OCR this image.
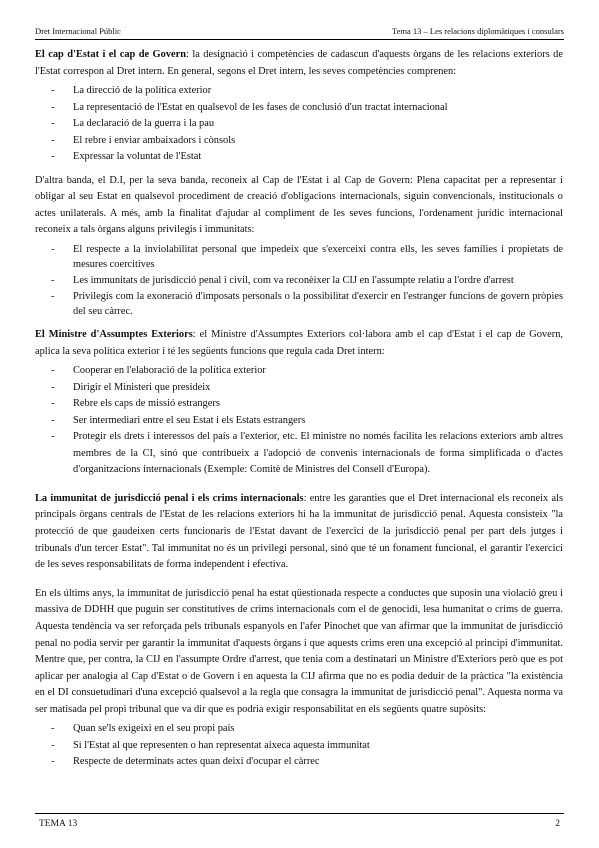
Dret Internacional Públic	Tema 13 – Les relacions diplomàtiques i consulars

El cap d'Estat i el cap de Govern: la designació i competències de cadascun d'aquests òrgans de les relacions exteriors de l'Estat correspon al Dret intern. En general, segons el Dret intern, les seves competències comprenen:

- La direcció de la política exterior
- La representació de l'Estat en qualsevol de les fases de conclusió d'un tractat internacional
- La declaració de la guerra i la pau
- El rebre i enviar ambaixadors i cònsols
- Expressar la voluntat de l'Estat

D'altra banda, el D.I, per la seva banda, reconeix al Cap de l'Estat i al Cap de Govern: Plena capacitat per a representar i obligar al seu Estat en qualsevol procediment de creació d'obligacions internacionals, siguin convencionals, institucionals o actes unilaterals. A més, amb la finalitat d'ajudar al compliment de les seves funcions, l'ordenament jurídic internacional reconeix a tals òrgans alguns privilegis i immunitats:

- El respecte a la inviolabilitat personal que impedeix que s'exerceixi contra ells, les seves famílies i propietats de mesures coercitives
- Les immunitats de jurisdicció penal i civil, com va reconèixer la CIJ en l'assumpte relatiu a l'ordre d'arrest
- Privilegis com la exoneració d'imposats personals o la possibilitat d'exercir en l'estranger funcions de govern pròpies del seu càrrec.

El Ministre d'Assumptes Exteriors: el Ministre d'Assumptes Exteriors col·labora amb el cap d'Estat i el cap de Govern, aplica la seva política exterior i té les següents funcions que regula cada Dret intern:

- Cooperar en l'elaboració de la política exterior
- Dirigir el Ministeri que presideix
- Rebre els caps de missió estrangers
- Ser intermediari entre el seu Estat i els Estats estrangers
- Protegir els drets i interessos del país a l'exterior, etc. El ministre no només facilita les relacions exteriors amb altres membres de la CI, sinó que contribueix a l'adopció de convenis internacionals de forma simplificada o d'actes d'organitzacions internacionals (Exemple: Comitè de Ministres del Consell d'Europa).

La immunitat de jurisdicció penal i els crims internacionals: entre les garanties que el Dret internacional els reconeix als principals òrgans centrals de l'Estat de les relacions exteriors hi ha la immunitat de jurisdicció penal. Aquesta consisteix "la protecció de que gaudeixen certs funcionaris de l'Estat davant de l'exercici de la jurisdicció penal per part dels jutges i tribunals d'un tercer Estat". Tal immunitat no és un privilegi personal, sinó que té un fonament funcional, el garantir l'exercici de les seves responsabilitats de forma independent i efectiva.

En els últims anys, la immunitat de jurisdicció penal ha estat qüestionada respecte a conductes que suposin una violació greu i massiva de DDHH que puguin ser constitutives de crims internacionals com el de genocidi, lesa humanitat o crims de guerra. Aquesta tendència va ser reforçada pels tribunals espanyols en l'afer Pinochet que van afirmar que la immunitat de jurisdicció penal no podia servir per garantir la immunitat d'aquests òrgans i que aquests crims eren una excepció al principi d'immunitat. Mentre que, per contra, la CIJ en l'assumpte Ordre d'arrest, que tenia com a destinatari un Ministre d'Exteriors però que es pot aplicar per analogia al Cap d'Estat o de Govern i en aquesta la CIJ afirma que no es podia deduir de la pràctica "la existència en el DI consuetudinari d'una excepció qualsevol a la regla que consagra la immunitat de jurisdicció penal". Aquesta norma va ser matisada pel propi tribunal que va dir que es podria exigir responsabilitat en els següents quatre supòsits:

- Quan se'ls exigeixi en el seu propi país
- Si l'Estat al que representen o han representat aixeca aquesta immunitat
- Respecte de determinats actes quan deixi d'ocupar el càrrec
TEMA 13	2
